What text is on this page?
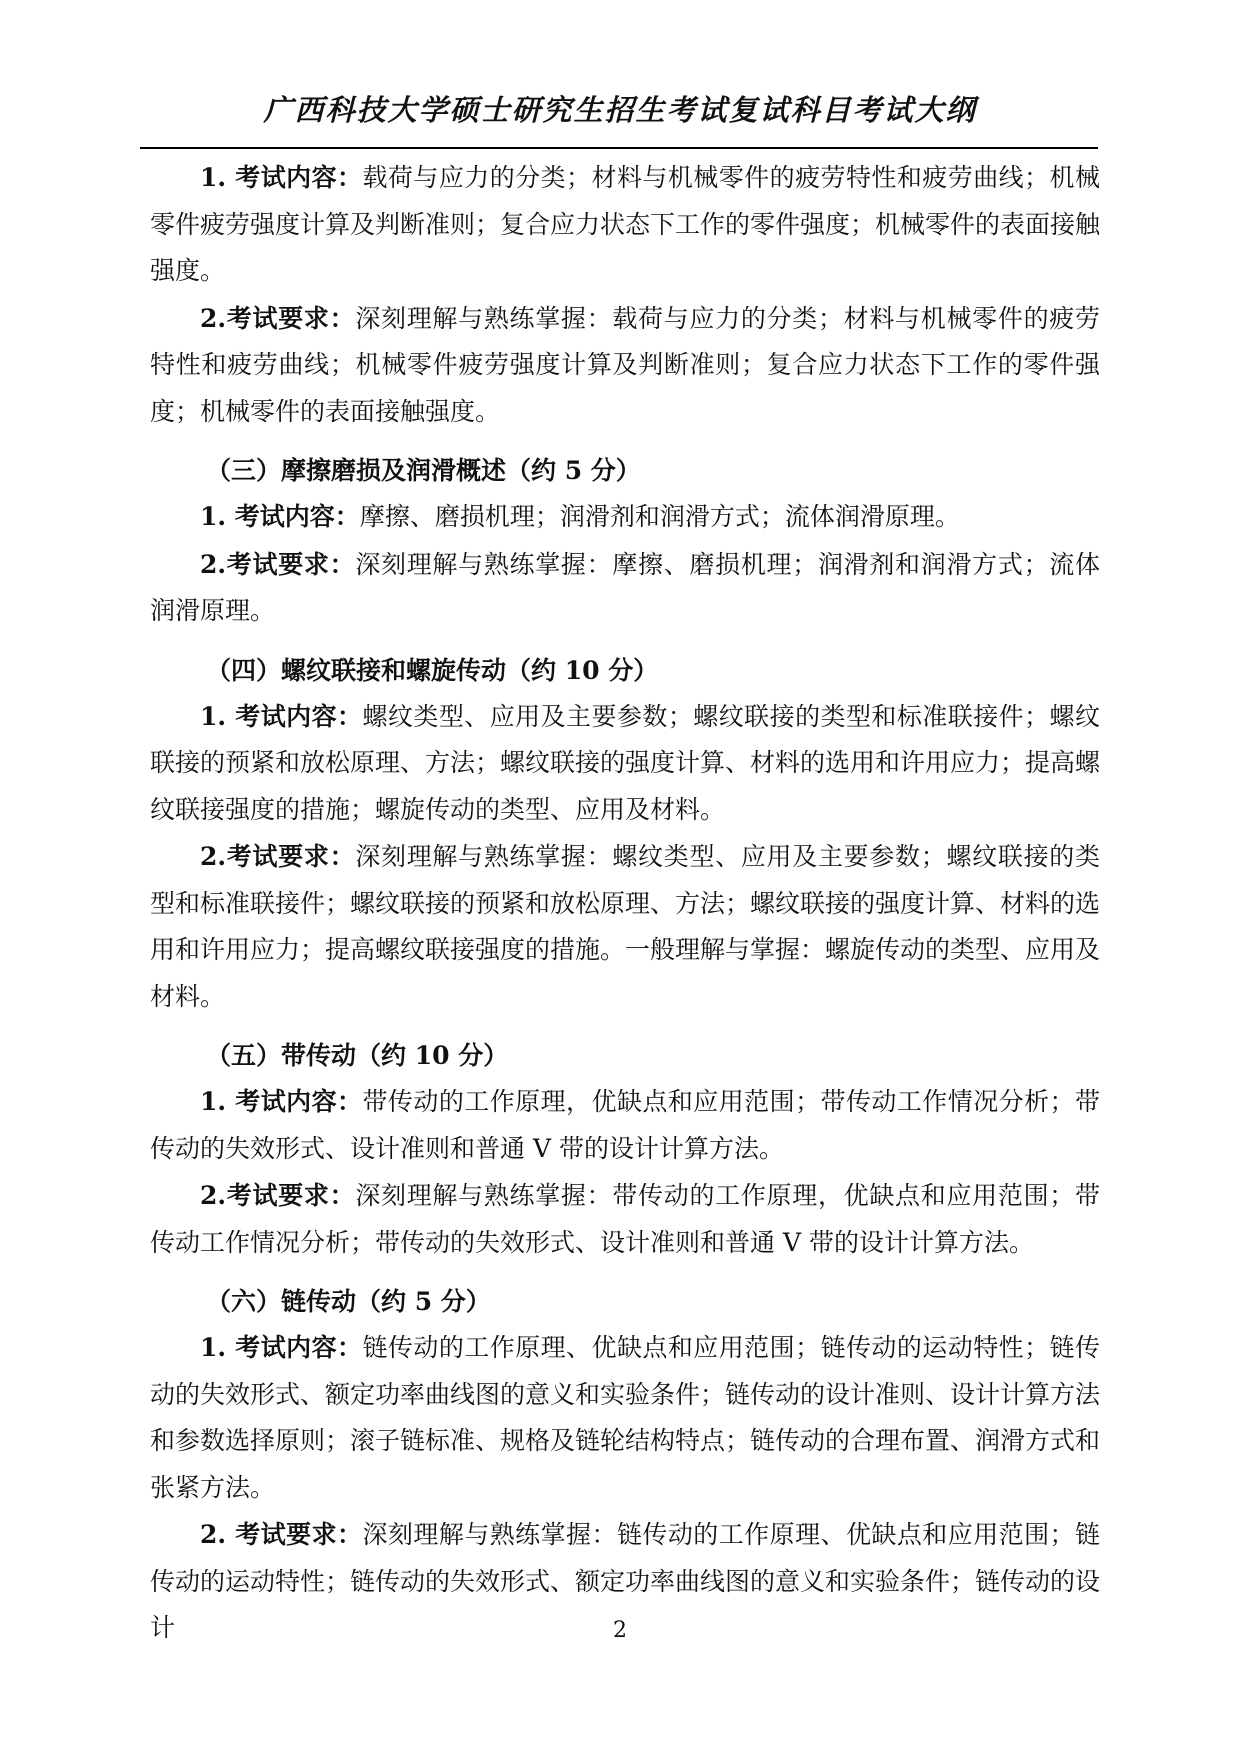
广西科技大学硕士研究生招生考试复试科目考试大纲

1. 考试内容：载荷与应力的分类；材料与机械零件的疲劳特性和疲劳曲线；机械零件疲劳强度计算及判断准则；复合应力状态下工作的零件强度；机械零件的表面接触强度。

2.考试要求：深刻理解与熟练掌握：载荷与应力的分类；材料与机械零件的疲劳特性和疲劳曲线；机械零件疲劳强度计算及判断准则；复合应力状态下工作的零件强度；机械零件的表面接触强度。

（三）摩擦磨损及润滑概述（约 5 分）

1. 考试内容：摩擦、磨损机理；润滑剂和润滑方式；流体润滑原理。

2.考试要求：深刻理解与熟练掌握：摩擦、磨损机理；润滑剂和润滑方式；流体润滑原理。

（四）螺纹联接和螺旋传动（约 10 分）

1. 考试内容：螺纹类型、应用及主要参数；螺纹联接的类型和标准联接件；螺纹联接的预紧和放松原理、方法；螺纹联接的强度计算、材料的选用和许用应力；提高螺纹联接强度的措施；螺旋传动的类型、应用及材料。

2.考试要求：深刻理解与熟练掌握：螺纹类型、应用及主要参数；螺纹联接的类型和标准联接件；螺纹联接的预紧和放松原理、方法；螺纹联接的强度计算、材料的选用和许用应力；提高螺纹联接强度的措施。一般理解与掌握：螺旋传动的类型、应用及材料。

（五）带传动（约 10 分）

1. 考试内容：带传动的工作原理，优缺点和应用范围；带传动工作情况分析；带传动的失效形式、设计准则和普通 V 带的设计计算方法。

2.考试要求：深刻理解与熟练掌握：带传动的工作原理，优缺点和应用范围；带传动工作情况分析；带传动的失效形式、设计准则和普通 V 带的设计计算方法。

（六）链传动（约 5 分）

1. 考试内容：链传动的工作原理、优缺点和应用范围；链传动的运动特性；链传动的失效形式、额定功率曲线图的意义和实验条件；链传动的设计准则、设计计算方法和参数选择原则；滚子链标准、规格及链轮结构特点；链传动的合理布置、润滑方式和张紧方法。

2. 考试要求：深刻理解与熟练掌握：链传动的工作原理、优缺点和应用范围；链传动的运动特性；链传动的失效形式、额定功率曲线图的意义和实验条件；链传动的设计	2
